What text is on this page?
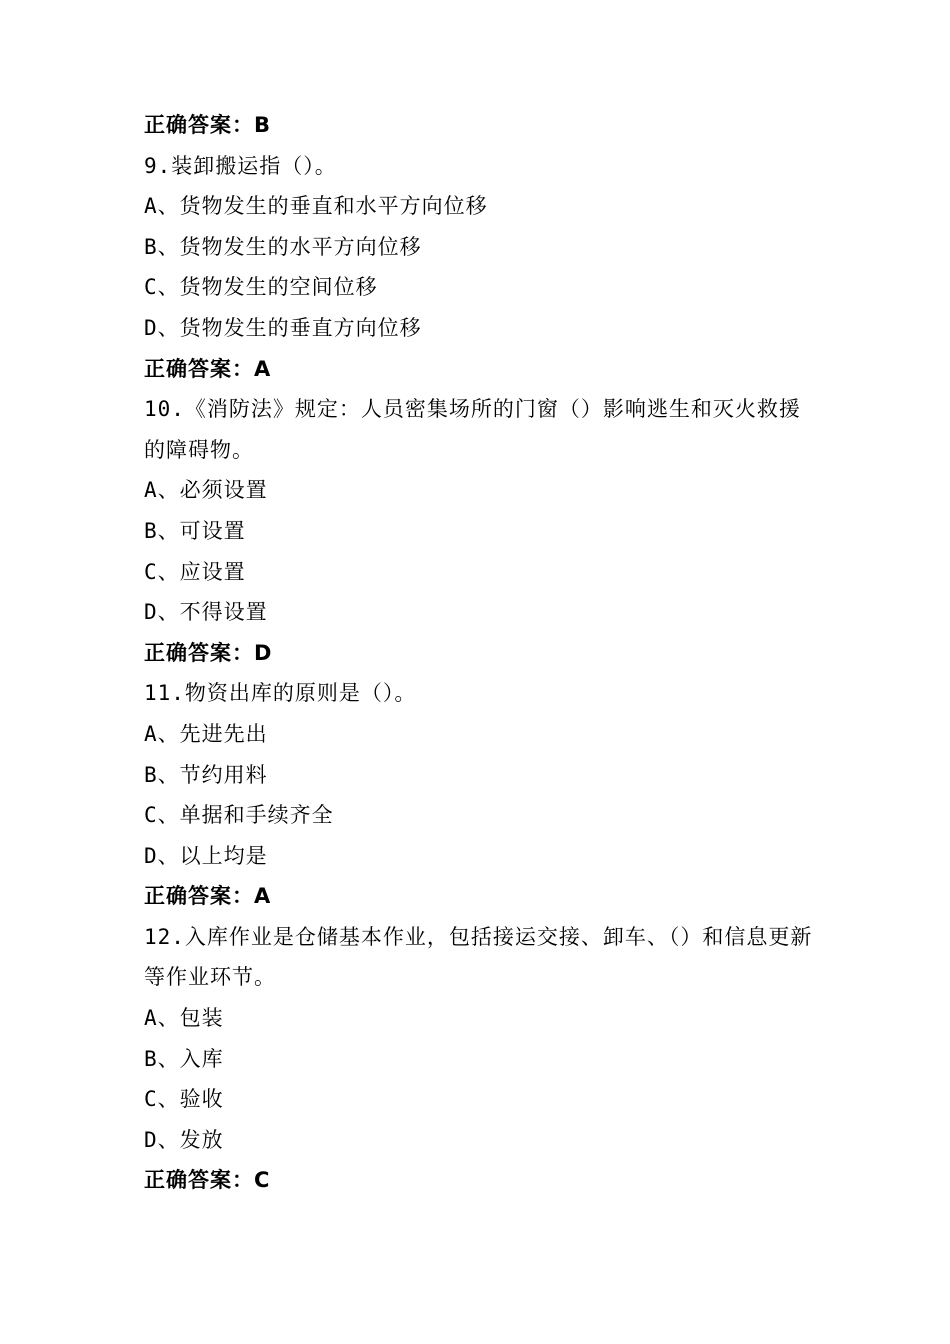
正确答案：B
9.装卸搬运指（）。
A、货物发生的垂直和水平方向位移
B、货物发生的水平方向位移
C、货物发生的空间位移
D、货物发生的垂直方向位移
正确答案：A
10.《消防法》规定：人员密集场所的门窗（）影响逃生和灭火救援的障碍物。
A、必须设置
B、可设置
C、应设置
D、不得设置
正确答案：D
11.物资出库的原则是（）。
A、先进先出
B、节约用料
C、单据和手续齐全
D、以上均是
正确答案：A
12.入库作业是仓储基本作业，包括接运交接、卸车、（）和信息更新等作业环节。
A、包装
B、入库
C、验收
D、发放
正确答案：C
